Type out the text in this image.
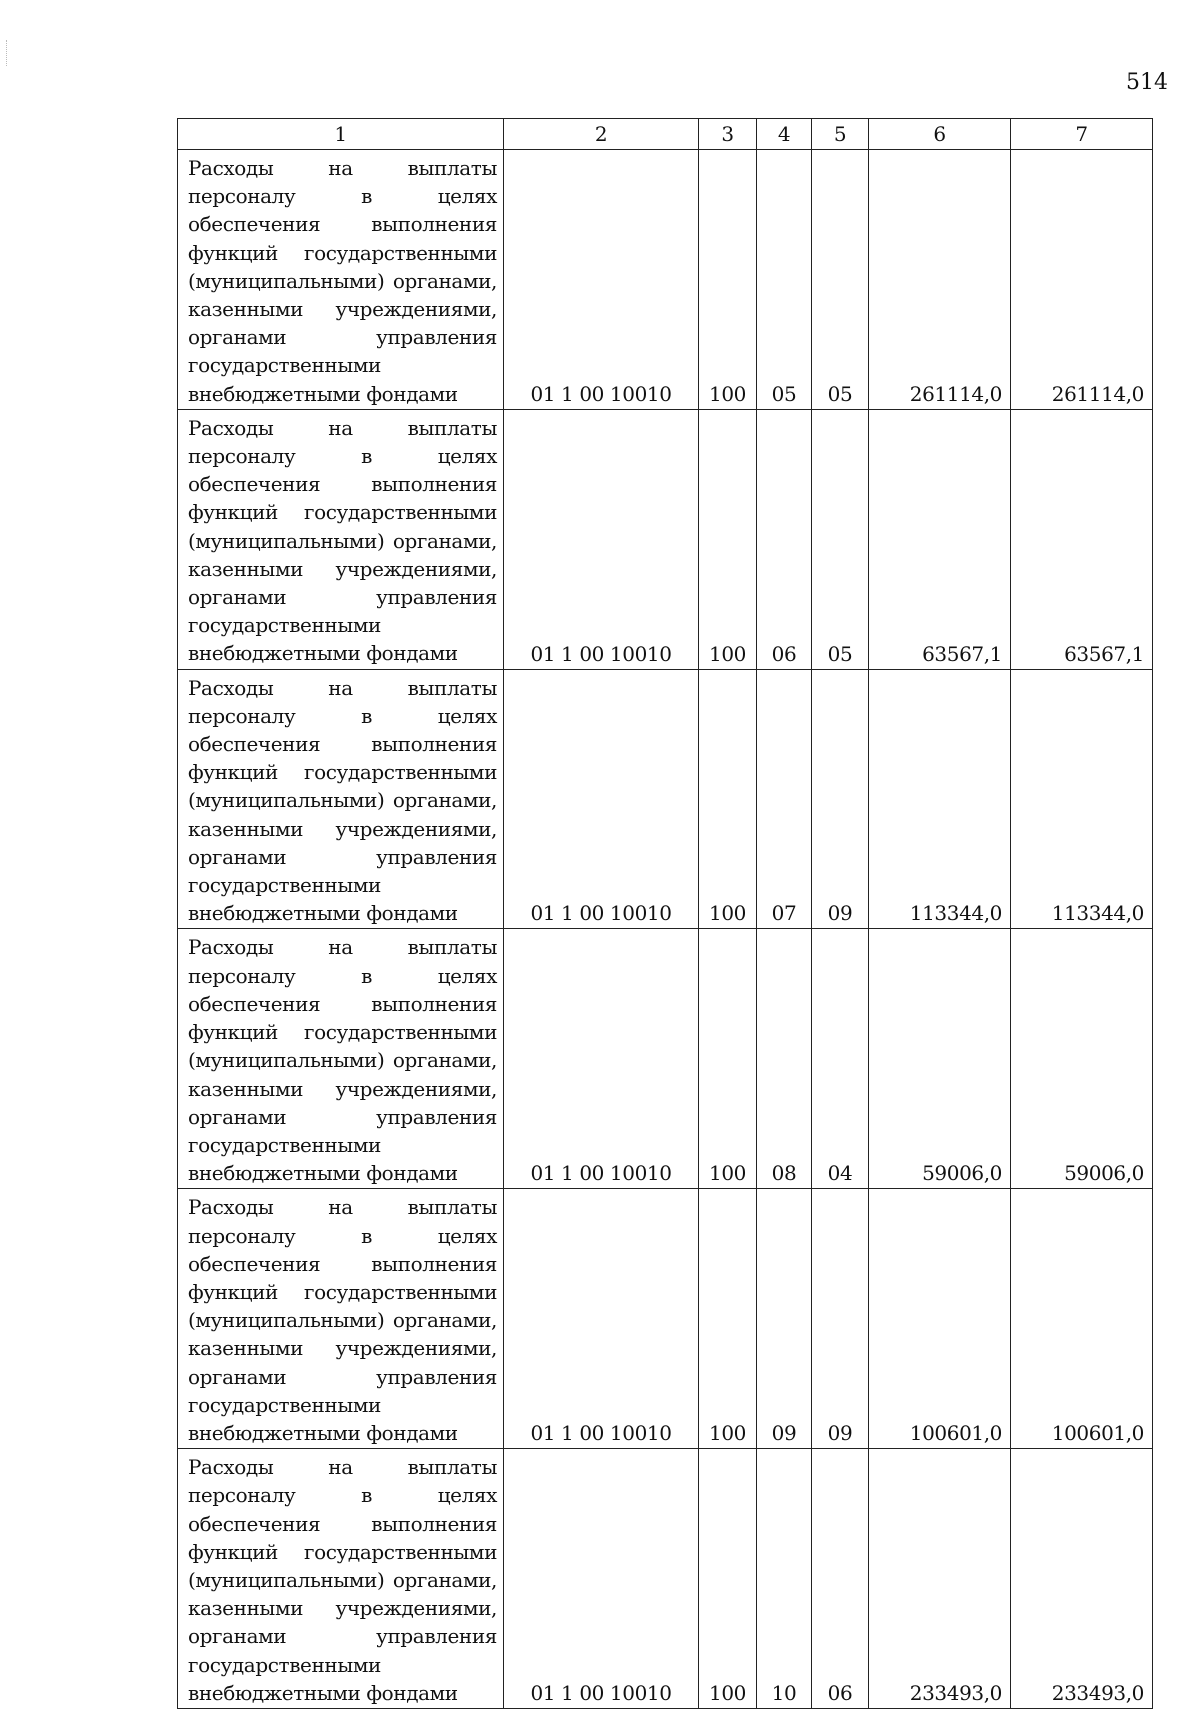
514
1	2	3	4	5	6	7
Расходы на выплаты персоналу в целях обеспечения выполнения функций государственными (муниципальными) органами, казенными учреждениями, органами управления государственными внебюджетными фондами	01 1 00 10010	100	05	05	261114,0	261114,0
Расходы на выплаты персоналу в целях обеспечения выполнения функций государственными (муниципальными) органами, казенными учреждениями, органами управления государственными внебюджетными фондами	01 1 00 10010	100	06	05	63567,1	63567,1
Расходы на выплаты персоналу в целях обеспечения выполнения функций государственными (муниципальными) органами, казенными учреждениями, органами управления государственными внебюджетными фондами	01 1 00 10010	100	07	09	113344,0	113344,0
Расходы на выплаты персоналу в целях обеспечения выполнения функций государственными (муниципальными) органами, казенными учреждениями, органами управления государственными внебюджетными фондами	01 1 00 10010	100	08	04	59006,0	59006,0
Расходы на выплаты персоналу в целях обеспечения выполнения функций государственными (муниципальными) органами, казенными учреждениями, органами управления государственными внебюджетными фондами	01 1 00 10010	100	09	09	100601,0	100601,0
Расходы на выплаты персоналу в целях обеспечения выполнения функций государственными (муниципальными) органами, казенными учреждениями, органами управления государственными внебюджетными фондами	01 1 00 10010	100	10	06	233493,0	233493,0
